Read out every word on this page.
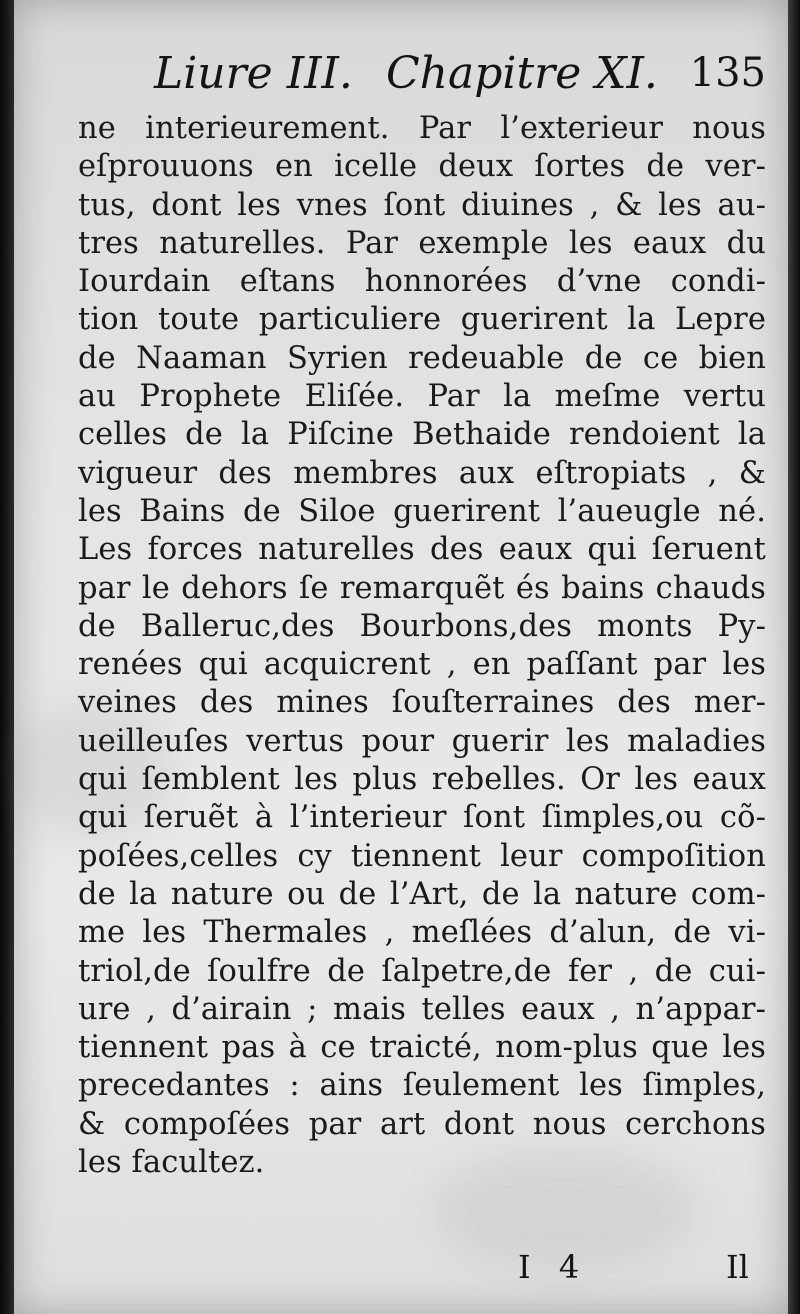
Liure III. Chapitre XI. 135
ne interieurement. Par l’exterieur nous
eſprouuons en icelle deux ſortes de ver-
tus, dont les vnes ſont diuines , & les au-
tres naturelles. Par exemple les eaux du
Iourdain eſtans honnorées d’vne condi-
tion toute particuliere guerirent la Lepre
de Naaman Syrien redeuable de ce bien
au Prophete Eliſée. Par la meſme vertu
celles de la Piſcine Bethaide rendoient la
vigueur des membres aux eſtropiats , &
les Bains de Siloe guerirent l’aueugle né.
Les forces naturelles des eaux qui ſeruent
par le dehors ſe remarquẽt és bains chauds
de Balleruc,des Bourbons,des monts Py-
renées qui acquicrent , en paſſant par les
veines des mines ſouſterraines des mer-
ueilleuſes vertus pour guerir les maladies
qui ſemblent les plus rebelles. Or les eaux
qui ſeruẽt à l’interieur ſont ſimples,ou cõ-
poſées,celles cy tiennent leur compoſition
de la nature ou de l’Art, de la nature com-
me les Thermales , meſlées d’alun, de vi-
triol,de ſoulfre de ſalpetre,de fer , de cui-
ure , d’airain ; mais telles eaux , n’appar-
tiennent pas à ce traicté, nom-plus que les
precedantes : ains ſeulement les ſimples,
& compoſées par art dont nous cerchons
les facultez.
I 4	Il
